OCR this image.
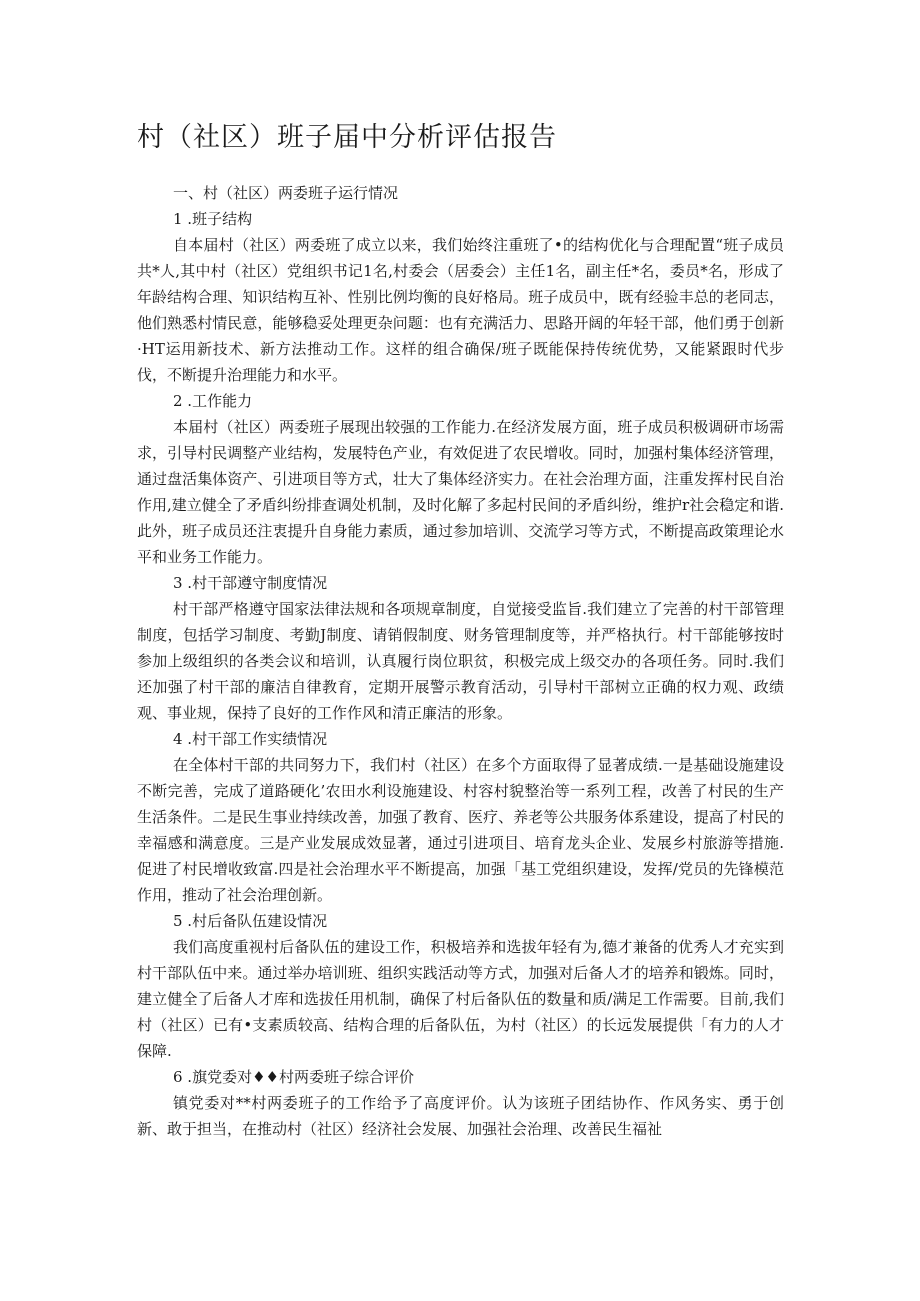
村（社区）班子届中分析评估报告

一、村（社区）两委班子运行情况

1 .班子结构

自本届村（社区）两委班了成立以来，我们始终注重班了•的结构优化与合理配置“班子成员共*人,其中村（社区）党组织书记1名,村委会（居委会）主任1名，副主任*名，委员*名，形成了年龄结构合理、知识结构互补、性别比例均衡的良好格局。班子成员中，既有经验丰总的老同志，他们熟悉村情民意，能够稳妥处理更杂问题：也有充满活力、思路开阔的年轻干部，他们勇于创新·HT运用新技术、新方法推动工作。这样的组合确保/班子既能保持传统优势，又能紧跟时代步伐，不断提升治理能力和水平。

2 .工作能力

本届村（社区）两委班子展现出较强的工作能力.在经济发展方面，班子成员积极调研市场需求，引导村民调整产业结构，发展特色产业，有效促进了农民增收。同时，加强村集体经济管理，通过盘活集体资产、引进项目等方式，壮大了集体经济实力。在社会治理方面，注重发挥村民自治作用,建立健全了矛盾纠纷排查调处机制，及时化解了多起村民间的矛盾纠纷，维护r社会稳定和谐.此外，班子成员还注衷提升自身能力素质，通过参加培训、交流学习等方式，不断提高政策理论水平和业务工作能力。

3 .村干部遵守制度情况

村干部严格遵守国家法律法规和各项规章制度，自觉接受监旨.我们建立了完善的村干部管理制度，包括学习制度、考勤J制度、请销假制度、财务管理制度等，并严格执行。村干部能够按时参加上级组织的各类会议和培训，认真履行岗位职贫，积极完成上级交办的各项任务。同时.我们还加强了村干部的廉洁自律教育，定期开展警示教育活动，引导村干部树立正确的权力观、政绩观、事业规，保持了良好的工作作风和清正廉洁的形象。

4 .村干部工作实绩情况

在全体村干部的共同努力下，我们村（社区）在多个方面取得了显著成绩.一是基础设施建设不断完善，完成了道路硬化’农田水利设施建设、村容村貌整治等一系列工程，改善了村民的生产生活条件。二是民生事业持续改善，加强了教育、医疗、养老等公共服务体系建设，提高了村民的幸福感和满意度。三是产业发展成效显著，通过引进项目、培育龙头企业、发展乡村旅游等措施.促进了村民增收致富.四是社会治理水平不断提高，加强「基工党组织建设，发挥/党员的先锋模范作用，推动了社会治理创新。

5 .村后备队伍建设情况

我们高度重视村后备队伍的建设工作，积极培养和选拔年轻有为,德才兼备的优秀人才充实到村干部队伍中来。通过举办培训班、组织实践活动等方式，加强对后备人才的培养和锻炼。同时，建立健全了后备人才库和选拔任用机制，确保了村后备队伍的数量和质/满足工作需要。目前,我们村（社区）已有•支素质较高、结构合理的后备队伍，为村（社区）的长远发展提供「有力的人才保障.

6 .旗党委对♦♦村两委班子综合评价

镇党委对**村两委班子的工作给予了高度评价。认为该班子团结协作、作风务实、勇于创新、敢于担当，在推动村（社区）经济社会发展、加强社会治理、改善民生福祉
